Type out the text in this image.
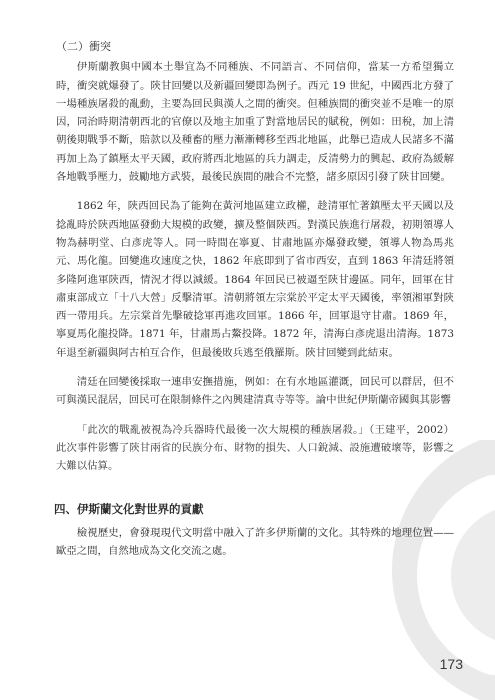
（二）衝突

伊斯蘭教與中國本土舉宜為不同種族、不同語言、不同信仰，當某一方希望獨立時，衝突就爆發了。陝甘回變以及新疆回變即為例子。西元 19 世紀，中國西北方發了一場種族屠殺的亂動，主要為回民與漢人之間的衝突。但種族間的衝突並不是唯一的原因，同治時期清朝西北的官僚以及地主加重了對當地居民的賦稅，例如：田稅，加上清朝後期戰爭不斷，賠款以及種畜的壓力漸漸轉移至西北地區，此舉已造成人民諸多不滿再加上為了鎮壓太平天國，政府將西北地區的兵力調走，反清勢力的興起、政府為緩解各地戰爭壓力，鼓勵地方武裝，最後民族間的融合不完整，諸多原因引發了陝甘回變。

1862 年，陝西回民為了能夠在黃河地區建立政權，趁清軍忙著鎮壓太平天國以及捻亂時於陝西地區發動大規模的政變，擴及整個陝西。對漢民族進行屠殺，初期領導人物為赫明堂、白彥虎等人。同一時間在寧夏、甘肅地區亦爆發政變，領導人物為馬兆元、馬化龍。回變進攻速度之快，1862 年底即到了省市西安，直到 1863 年清廷將領多隆阿進軍陝西，情況才得以減緩。1864 年回民已被逼至陝甘邊區。同年，回軍在甘肅東部成立「十八大營」反擊清軍。清朝將領左宗棠於平定太平天國後，率領湘軍對陝西一帶用兵。左宗棠首先擊破捻軍再進攻回軍。1866 年，回軍退守甘肅。1869 年，寧夏馬化龍投降。1871 年，甘肅馬占鰲投降。1872 年，清海白彥虎退出清海。1873 年退至新疆與阿古柏互合作，但最後敗兵逃至俄羅斯。陝甘回變到此結束。

清廷在回變後採取一連串安撫措施，例如：在有水地區灌溉，回民可以群居，但不可與漢民混居，回民可在限制條件之內興建清真寺等等。論中世紀伊斯蘭帝國與其影響

「此次的戰亂被視為冷兵器時代最後一次大規模的種族屠殺。」（王建平，2002）此次事件影響了陝甘兩省的民族分布、財物的損失、人口銳減、設施遭破壞等，影響之大難以估算。

四、伊斯蘭文化對世界的貢獻

檢視歷史，會發現現代文明當中融入了許多伊斯蘭的文化。其特殊的地理位置——歐亞之間，自然地成為文化交流之處。

173
